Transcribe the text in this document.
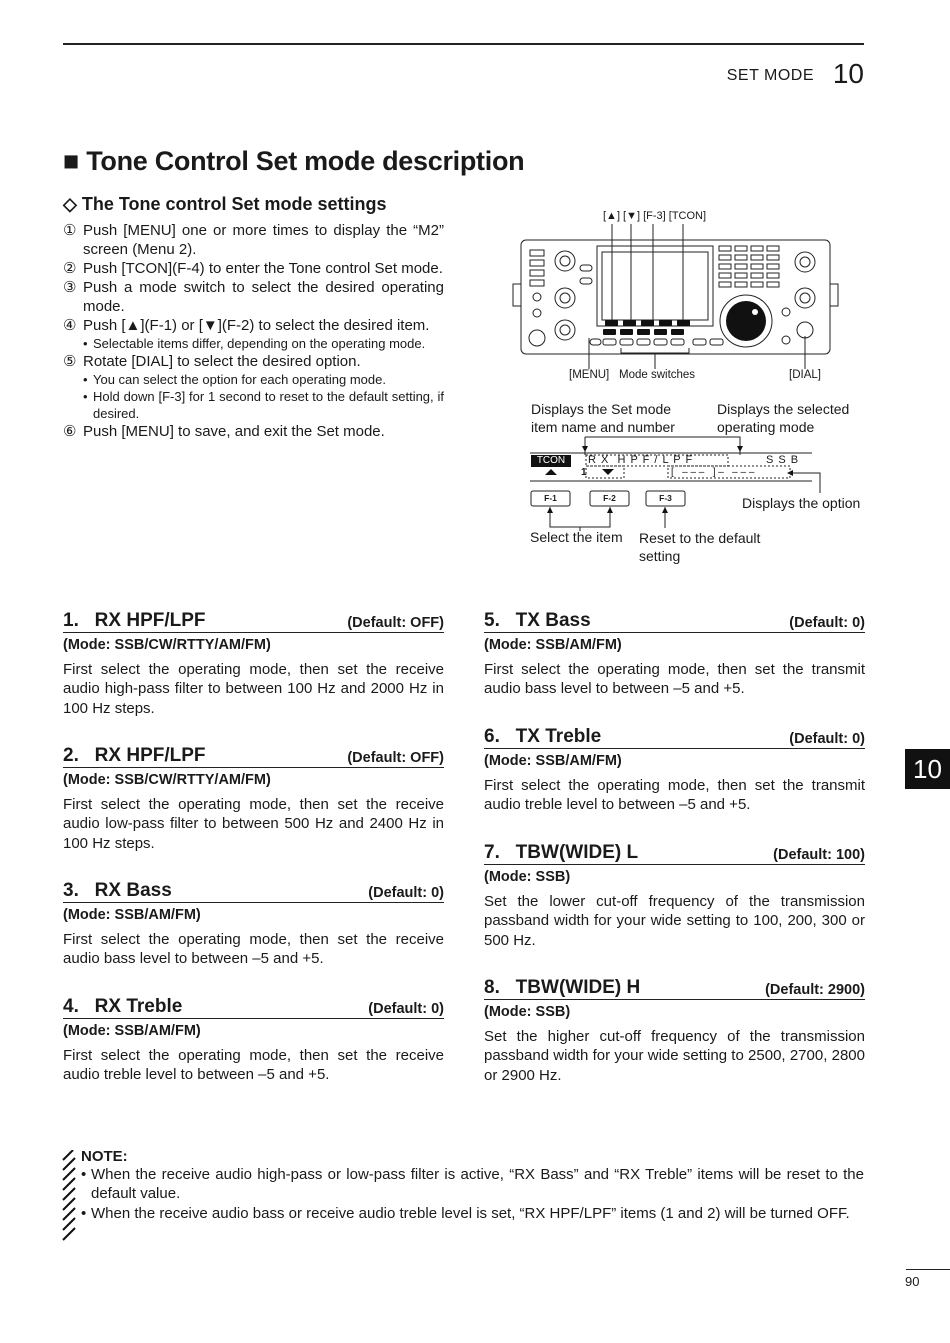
SET MODE 10
■ Tone Control Set mode description
◇ The Tone control Set mode settings
① Push [MENU] one or more times to display the “M2” screen (Menu 2).
② Push [TCON](F-4) to enter the Tone control Set mode.
③ Push a mode switch to select the desired operating mode.
④ Push [▲](F-1) or [▼](F-2) to select the desired item.
• Selectable items differ, depending on the operating mode.
⑤ Rotate [DIAL] to select the desired option.
• You can select the option for each operating mode.
• Hold down [F-3] for 1 second to reset to the default setting, if desired.
⑥ Push [MENU] to save, and exit the Set mode.
[▲] [▼] [F-3] [TCON]
[MENU] Mode switches	[DIAL]
Displays the Set mode
item name and number
Displays the selected
operating mode
TCON	R X  H P F / L P F	S S B
1	[   – – –   ] –   – – –
F-1	F-2	F-3	Displays the option
Select the item Reset to the default
setting
1.   RX HPF/LPF	(Default: OFF)
(Mode: SSB/CW/RTTY/AM/FM)
First select the operating mode, then set the receive audio high-pass filter to between 100 Hz and 2000 Hz in 100 Hz steps.
2.   RX HPF/LPF	(Default: OFF)
(Mode: SSB/CW/RTTY/AM/FM)
First select the operating mode, then set the receive audio low-pass filter to between 500 Hz and 2400 Hz in 100 Hz steps.
3.   RX Bass	(Default: 0)
(Mode: SSB/AM/FM)
First select the operating mode, then set the receive audio bass level to between –5 and +5.
4.   RX Treble	(Default: 0)
(Mode: SSB/AM/FM)
First select the operating mode, then set the receive audio treble level to between –5 and +5.
5.   TX Bass	(Default: 0)
(Mode: SSB/AM/FM)
First select the operating mode, then set the transmit audio bass level to between –5 and +5.
6.   TX Treble	(Default: 0)
(Mode: SSB/AM/FM)
First select the operating mode, then set the transmit audio treble level to between –5 and +5.
7.   TBW(WIDE) L	(Default: 100)
(Mode: SSB)
Set the lower cut-off frequency of the transmission passband width for your wide setting to 100, 200, 300 or 500 Hz.
8.   TBW(WIDE) H	(Default: 2900)
(Mode: SSB)
Set the higher cut-off frequency of the transmission passband width for your wide setting to 2500, 2700, 2800 or 2900 Hz.
10
NOTE:
• When the receive audio high-pass or low-pass filter is active, “RX Bass” and “RX Treble” items will be reset to the default value.
• When the receive audio bass or receive audio treble level is set, “RX HPF/LPF” items (1 and 2) will be turned OFF.
90
